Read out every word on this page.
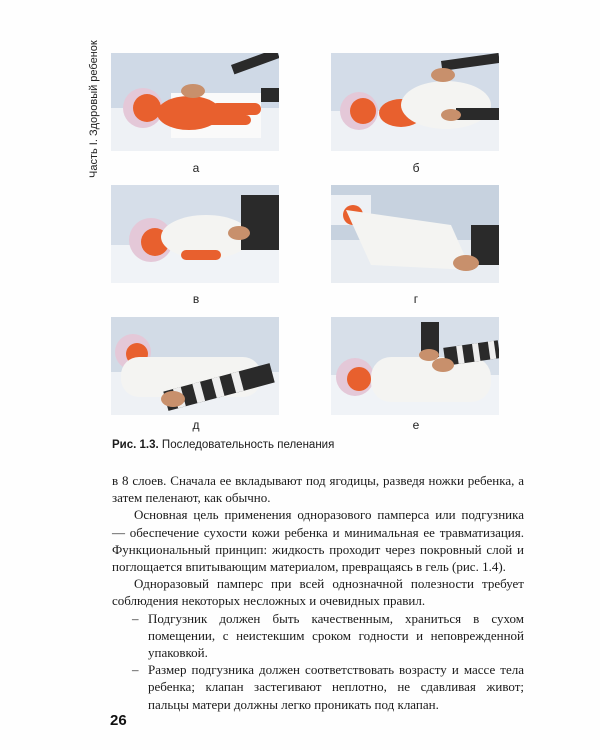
Часть I. Здоровый ребенок	а	б
в	г
д	е
Рис. 1.3. Последовательность пеленания

в 8 слоев. Сначала ее вкладывают под ягодицы, разведя ножки ребенка, а затем пеленают, как обычно.

Основная цель применения одноразового памперса или подгузника — обеспечение сухости кожи ребенка и минимальная ее травматизация. Функциональный принцип: жидкость проходит через покровный слой и поглощается впитывающим материалом, превращаясь в гель (рис. 1.4).

Одноразовый памперс при всей однозначной полезности требует соблюдения некоторых несложных и очевидных правил.

– Подгузник должен быть качественным, храниться в сухом помещении, с неистекшим сроком годности и неповрежденной упаковкой.
– Размер подгузника должен соответствовать возрасту и массе тела ребенка; клапан застегивают неплотно, не сдавливая живот; пальцы матери должны легко проникать под клапан.
26
